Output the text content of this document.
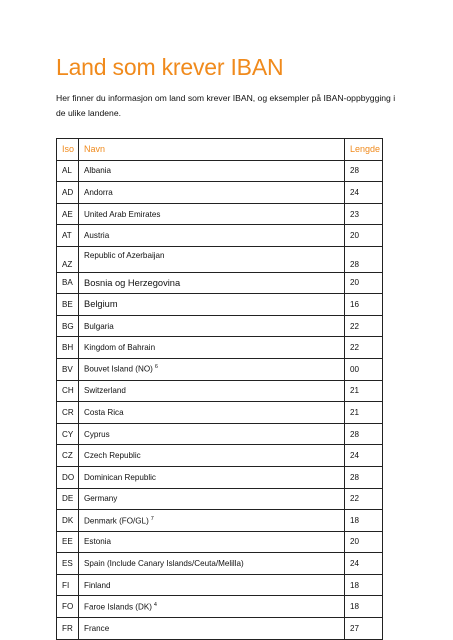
Land som krever IBAN

Her finner du informasjon om land som krever IBAN, og eksempler på IBAN-oppbygging i de ulike landene.

Iso	Navn	Lengde
AL	Albania	28
AD	Andorra	24
AE	United Arab Emirates	23
AT	Austria	20
AZ	Republic of Azerbaijan	28
BA	Bosnia og Herzegovina	20
BE	Belgium	16
BG	Bulgaria	22
BH	Kingdom of Bahrain	22
BV	Bouvet Island (NO) $^6$	00
CH	Switzerland	21
CR	Costa Rica	21
CY	Cyprus	28
CZ	Czech Republic	24
DO	Dominican Republic	28
DE	Germany	22
DK	Denmark (FO/GL) $^7$	18
EE	Estonia	20
ES	Spain (Include Canary Islands/Ceuta/Melilla)	24
FI	Finland	18
FO	Faroe Islands (DK) $^4$	18
FR	France	27
